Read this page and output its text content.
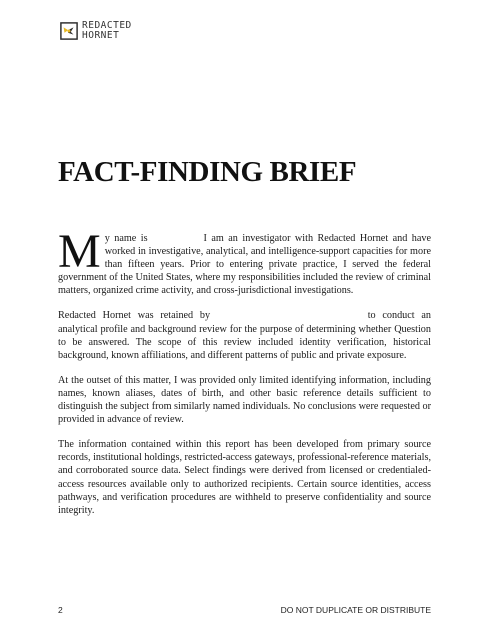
REDACTED
HORNET
FACT-FINDING BRIEF

M y name is	I am an investigator with Redacted Hornet and have worked in investigative, analytical, and intelligence-support capacities for more than fifteen years. Prior to entering private practice, I served the federal government of the United States, where my responsibilities included the review of criminal matters, organized crime activity, and cross-jurisdictional investigations.

Redacted Hornet was retained by	to conduct an analytical profile and background review for the purpose of determining whether Question to be answered. The scope of this review included identity verification, historical background, known affiliations, and different patterns of public and private exposure.

At the outset of this matter, I was provided only limited identifying information, including names, known aliases, dates of birth, and other basic reference details sufficient to distinguish the subject from similarly named individuals. No conclusions were requested or provided in advance of review.

The information contained within this report has been developed from primary source records, institutional holdings, restricted-access gateways, professional-reference materials, and corroborated source data. Select findings were derived from licensed or credentialed-access resources available only to authorized recipients. Certain source identities, access pathways, and verification procedures are withheld to preserve confidentiality and source integrity.

2	DO NOT DUPLICATE OR DISTRIBUTE
